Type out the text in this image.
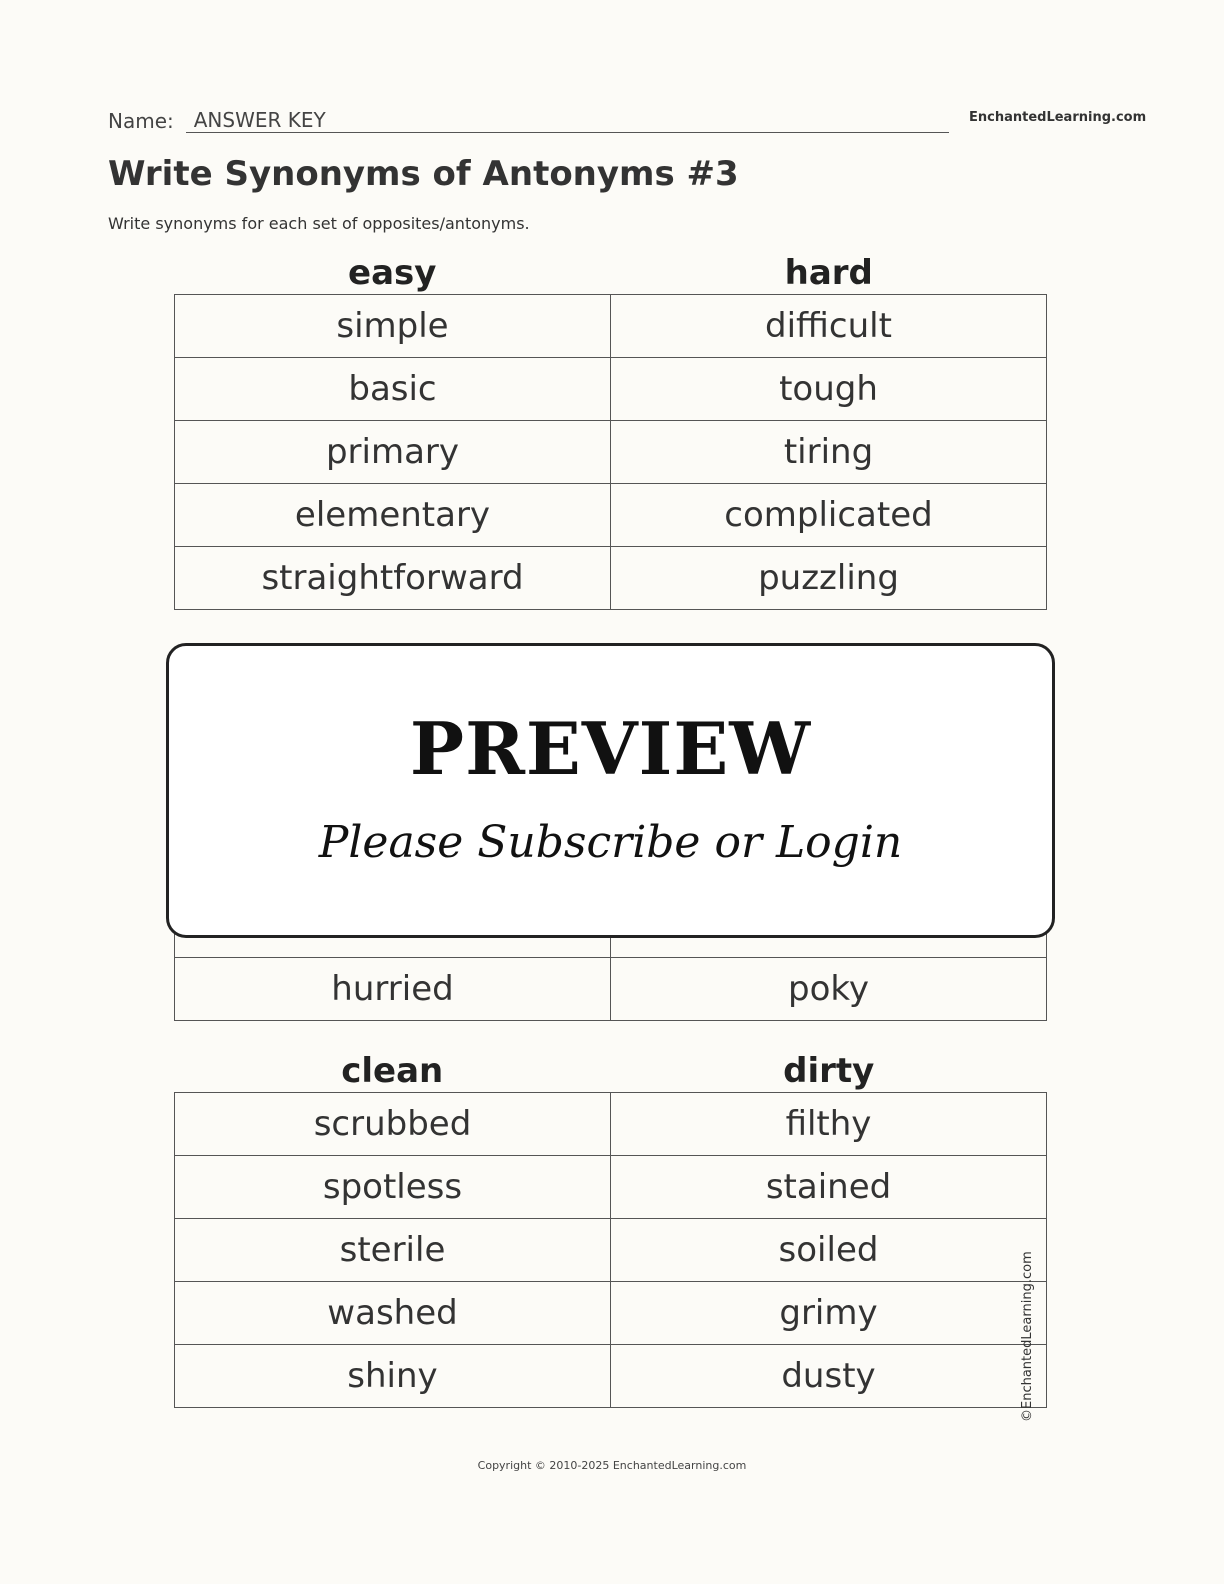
Name:	ANSWER KEY	EnchantedLearning.com
Write Synonyms of Antonyms #3

Write synonyms for each set of opposites/antonyms.

easy	hard
simple	difficult
basic	tough
primary	tiring
elementary	complicated
straightforward	puzzling
hurried	poky
clean	dirty
scrubbed	filthy
spotless	stained
sterile	soiled
washed	grimy
shiny	dusty
PREVIEW
Please Subscribe or Login
©EnchantedLearning.com
Copyright © 2010-2025 EnchantedLearning.com
